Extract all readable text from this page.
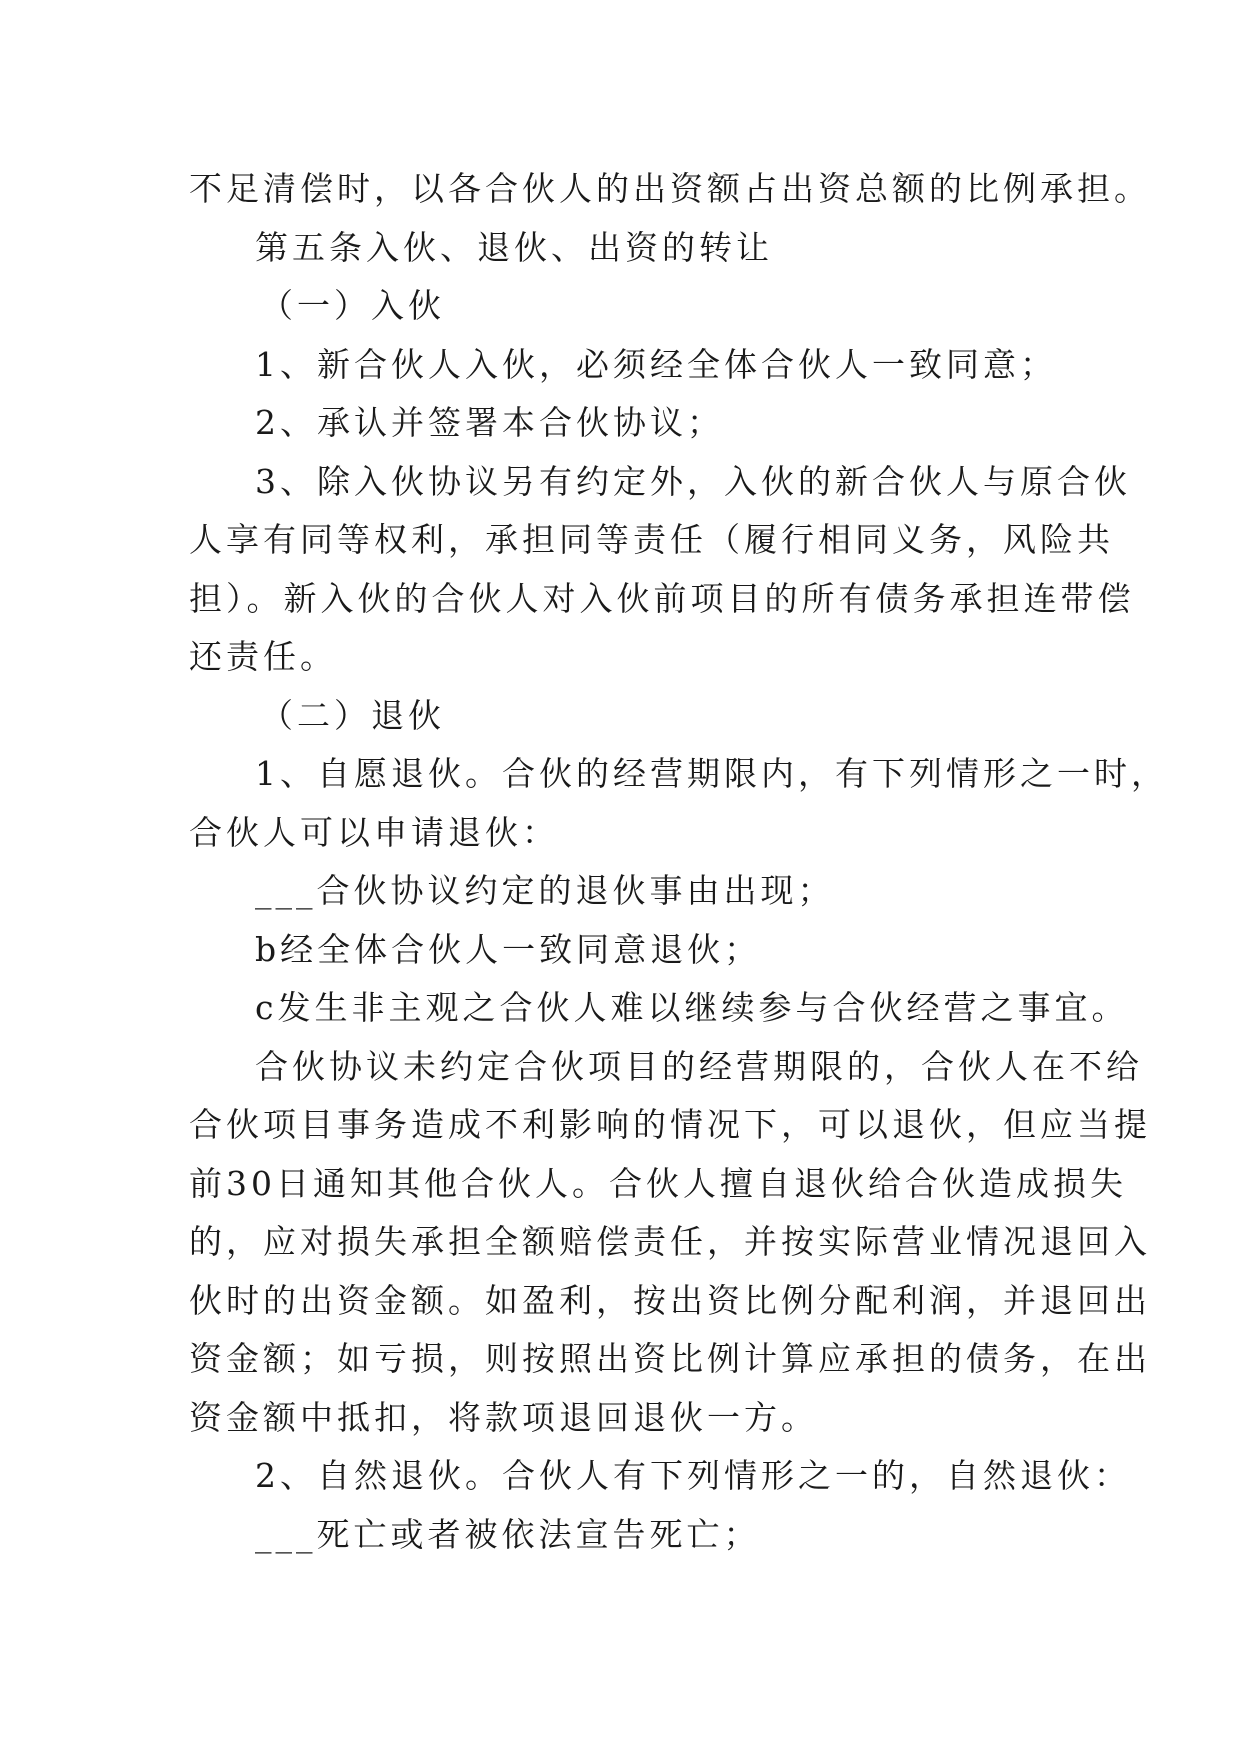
不足清偿时，以各合伙人的出资额占出资总额的比例承担。

第五条入伙、退伙、出资的转让

（一）入伙

1、新合伙人入伙，必须经全体合伙人一致同意；

2、承认并签署本合伙协议；

3、除入伙协议另有约定外，入伙的新合伙人与原合伙

人享有同等权利，承担同等责任（履行相同义务，风险共

担）。新入伙的合伙人对入伙前项目的所有债务承担连带偿

还责任。

（二）退伙

1、自愿退伙。合伙的经营期限内，有下列情形之一时，

合伙人可以申请退伙：

___合伙协议约定的退伙事由出现；

b经全体合伙人一致同意退伙；

c发生非主观之合伙人难以继续参与合伙经营之事宜。

合伙协议未约定合伙项目的经营期限的，合伙人在不给

合伙项目事务造成不利影响的情况下，可以退伙，但应当提

前30日通知其他合伙人。合伙人擅自退伙给合伙造成损失

的，应对损失承担全额赔偿责任，并按实际营业情况退回入

伙时的出资金额。如盈利，按出资比例分配利润，并退回出

资金额；如亏损，则按照出资比例计算应承担的债务，在出

资金额中抵扣，将款项退回退伙一方。

2、自然退伙。合伙人有下列情形之一的，自然退伙：

___死亡或者被依法宣告死亡；
